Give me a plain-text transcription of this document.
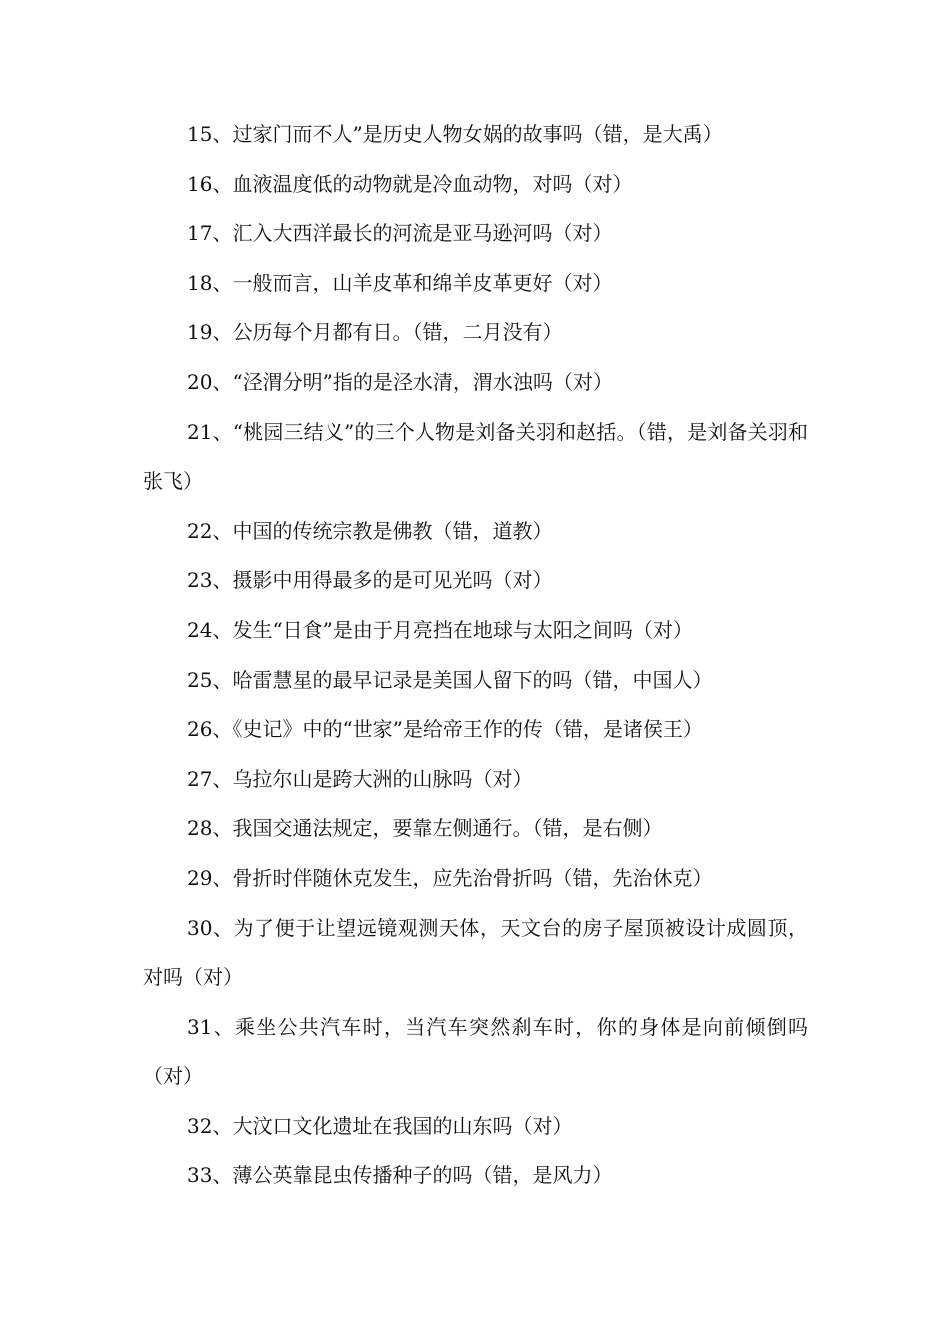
15、过家门而不人”是历史人物女娲的故事吗（错，是大禹）

16、血液温度低的动物就是冷血动物，对吗（对）

17、汇入大西洋最长的河流是亚马逊河吗（对）

18、一般而言，山羊皮革和绵羊皮革更好（对）

19、公历每个月都有日。（错，二月没有）

20、“泾渭分明”指的是泾水清，渭水浊吗（对）

21、“桃园三结义”的三个人物是刘备关羽和赵括。（错，是刘备关羽和张飞）

22、中国的传统宗教是佛教（错，道教）

23、摄影中用得最多的是可见光吗（对）

24、发生“日食”是由于月亮挡在地球与太阳之间吗（对）

25、哈雷慧星的最早记录是美国人留下的吗（错，中国人）

26、《史记》中的“世家”是给帝王作的传（错，是诸侯王）

27、乌拉尔山是跨大洲的山脉吗（对）

28、我国交通法规定，要靠左侧通行。（错，是右侧）

29、骨折时伴随休克发生，应先治骨折吗（错，先治休克）

30、为了便于让望远镜观测天体，天文台的房子屋顶被设计成圆顶，对吗（对）

31、乘坐公共汽车时，当汽车突然刹车时，你的身体是向前倾倒吗（对）

32、大汶口文化遗址在我国的山东吗（对）

33、薄公英靠昆虫传播种子的吗（错，是风力）
